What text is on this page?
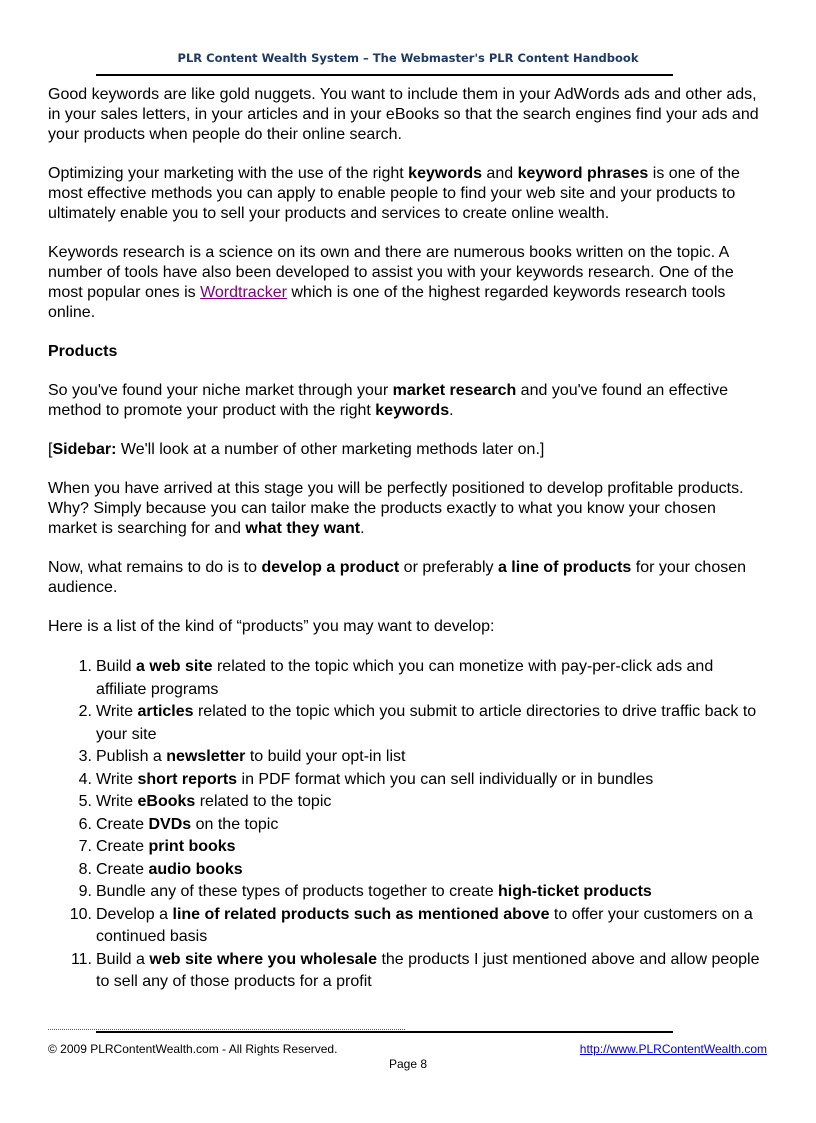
PLR Content Wealth System – The Webmaster's PLR Content Handbook

Good keywords are like gold nuggets. You want to include them in your AdWords ads and other ads, in your sales letters, in your articles and in your eBooks so that the search engines find your ads and your products when people do their online search.

Optimizing your marketing with the use of the right keywords and keyword phrases is one of the most effective methods you can apply to enable people to find your web site and your products to ultimately enable you to sell your products and services to create online wealth.

Keywords research is a science on its own and there are numerous books written on the topic. A number of tools have also been developed to assist you with your keywords research. One of the most popular ones is Wordtracker which is one of the highest regarded keywords research tools online.

Products

So you've found your niche market through your market research and you've found an effective method to promote your product with the right keywords.

[Sidebar: We'll look at a number of other marketing methods later on.]

When you have arrived at this stage you will be perfectly positioned to develop profitable products. Why? Simply because you can tailor make the products exactly to what you know your chosen market is searching for and what they want.

Now, what remains to do is to develop a product or preferably a line of products for your chosen audience.

Here is a list of the kind of “products” you may want to develop:

1. Build a web site related to the topic which you can monetize with pay-per-click ads and affiliate programs
2. Write articles related to the topic which you submit to article directories to drive traffic back to your site
3. Publish a newsletter to build your opt-in list
4. Write short reports in PDF format which you can sell individually or in bundles
5. Write eBooks related to the topic
6. Create DVDs on the topic
7. Create print books
8. Create audio books
9. Bundle any of these types of products together to create high-ticket products
10. Develop a line of related products such as mentioned above to offer your customers on a continued basis
11. Build a web site where you wholesale the products I just mentioned above and allow people to sell any of those products for a profit
© 2009 PLRContentWealth.com - All Rights Reserved.	http://www.PLRContentWealth.com
Page 8
